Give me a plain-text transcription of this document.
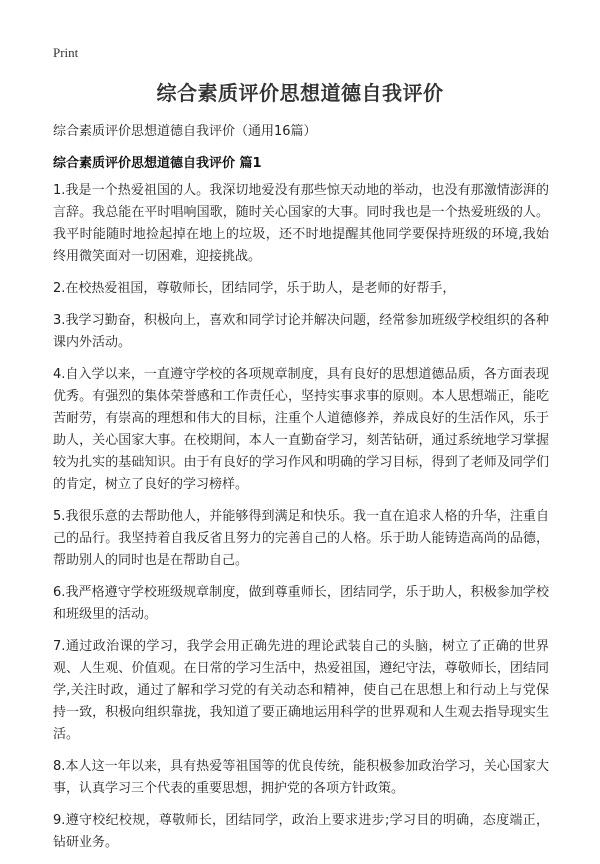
Print
综合素质评价思想道德自我评价
综合素质评价思想道德自我评价（通用16篇）
综合素质评价思想道德自我评价 篇1

1.我是一个热爱祖国的人。我深切地爱没有那些惊天动地的举动，也没有那激情澎湃的言辞。我总能在平时唱响国歌，随时关心国家的大事。同时我也是一个热爱班级的人。我平时能随时地捡起掉在地上的垃圾，还不时地提醒其他同学要保持班级的环境,我始终用微笑面对一切困难，迎接挑战。

2.在校热爱祖国，尊敬师长，团结同学，乐于助人，是老师的好帮手，

3.我学习勤奋，积极向上，喜欢和同学讨论并解决问题，经常参加班级学校组织的各种课内外活动。

4.自入学以来，一直遵守学校的各项规章制度，具有良好的思想道德品质，各方面表现优秀。有强烈的集体荣誉感和工作责任心，坚持实事求事的原则。本人思想端正，能吃苦耐劳，有崇高的理想和伟大的目标，注重个人道德修养，养成良好的生活作风，乐于助人，关心国家大事。在校期间，本人一直勤奋学习，刻苦钻研，通过系统地学习掌握较为扎实的基础知识。由于有良好的学习作风和明确的学习目标，得到了老师及同学们的肯定，树立了良好的学习榜样。

5.我很乐意的去帮助他人，并能够得到满足和快乐。我一直在追求人格的升华，注重自己的品行。我坚持着自我反省且努力的完善自己的人格。乐于助人能铸造高尚的品德，帮助别人的同时也是在帮助自己。

6.我严格遵守学校班级规章制度，做到尊重师长，团结同学，乐于助人，积极参加学校和班级里的活动。

7.通过政治课的学习，我学会用正确先进的理论武装自己的头脑，树立了正确的世界观、人生观、价值观。在日常的学习生活中，热爱祖国，遵纪守法，尊敬师长，团结同学,关注时政，通过了解和学习党的有关动态和精神，使自己在思想上和行动上与党保持一致，积极向组织靠拢，我知道了要正确地运用科学的世界观和人生观去指导现实生活。

8.本人这一年以来，具有热爱等祖国等的优良传统，能积极参加政治学习，关心国家大事，认真学习三个代表的重要思想，拥护党的各项方针政策。

9.遵守校纪校规，尊敬师长，团结同学，政治上要求进步;学习目的明确，态度端正，钻研业务。
